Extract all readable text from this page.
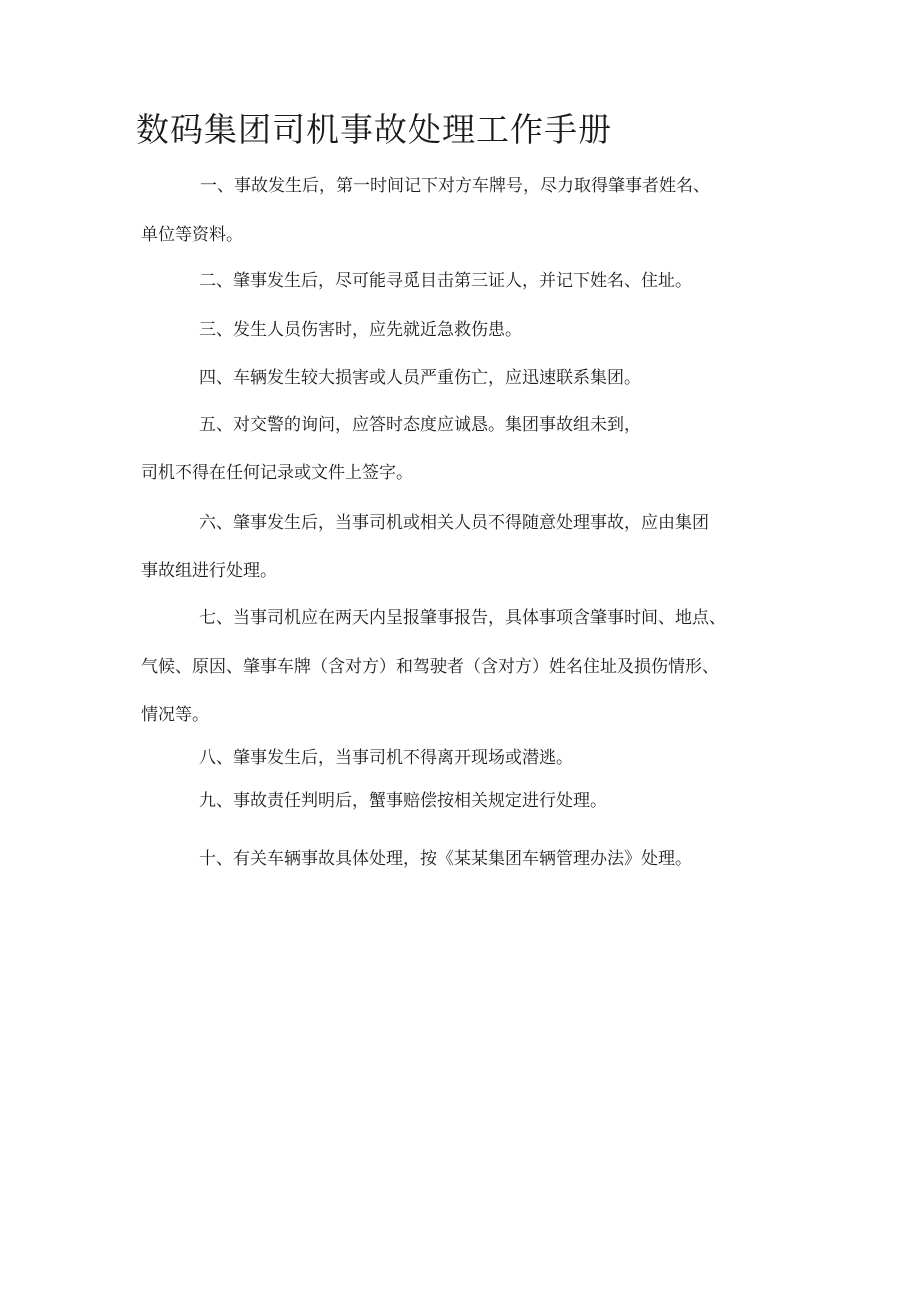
数码集团司机事故处理工作手册

一、事故发生后，第一时间记下对方车牌号，尽力取得肇事者姓名、

单位等资料。

二、肇事发生后，尽可能寻觅目击第三证人，并记下姓名、住址。

三、发生人员伤害时，应先就近急救伤患。

四、车辆发生较大损害或人员严重伤亡，应迅速联系集团。

五、对交警的询问，应答时态度应诚恳。集团事故组未到，

司机不得在任何记录或文件上签字。

六、肇事发生后，当事司机或相关人员不得随意处理事故，应由集团

事故组进行处理。

七、当事司机应在两天内呈报肇事报告，具体事项含肇事时间、地点、

气候、原因、肇事车牌（含对方）和驾驶者（含对方）姓名住址及损伤情形、

情况等。

八、肇事发生后，当事司机不得离开现场或潜逃。

九、事故责任判明后，蟹事赔偿按相关规定进行处理。

十、有关车辆事故具体处理，按《某某集团车辆管理办法》处理。
